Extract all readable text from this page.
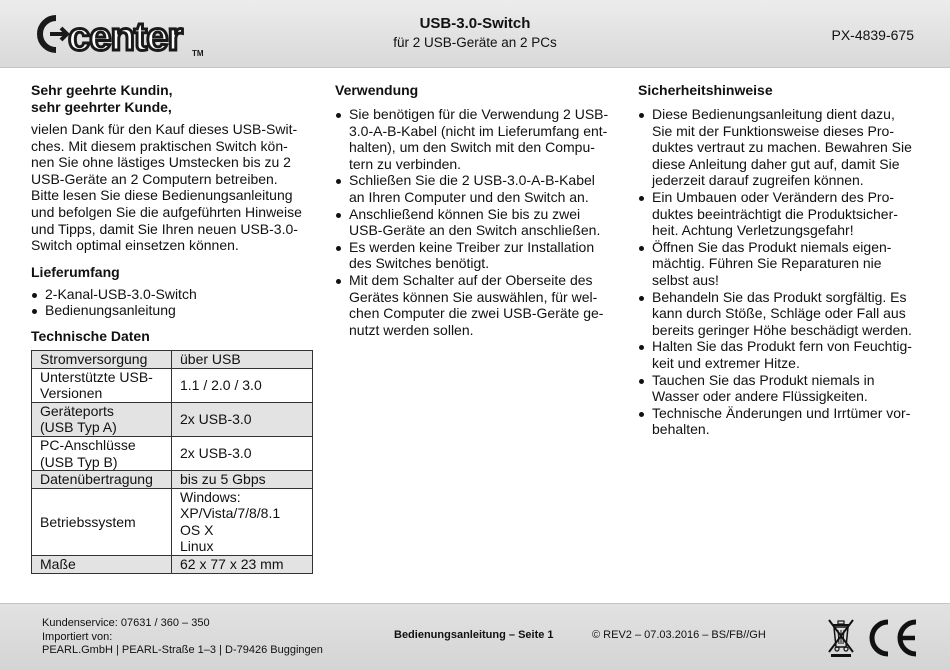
center TM
USB-3.0-Switch
für 2 USB-Geräte an 2 PCs	PX-4839-675
Sehr geehrte Kundin,
sehr geehrter Kunde,
vielen Dank für den Kauf dieses USB-Swit-
ches. Mit diesem praktischen Switch kön-
nen Sie ohne lästiges Umstecken bis zu 2
USB-Geräte an 2 Computern betreiben.
Bitte lesen Sie diese Bedienungsanleitung
und befolgen Sie die aufgeführten Hinweise
und Tipps, damit Sie Ihren neuen USB-3.0-
Switch optimal einsetzen können.
Lieferumfang
2-Kanal-USB-3.0-Switch
Bedienungsanleitung
Technische Daten
Stromversorgung	über USB

Unterstützte USB-
Versionen	1.1 / 2.0 / 3.0

Geräteports
(USB Typ A)	2x USB-3.0

PC-Anschlüsse
(USB Typ B)	2x USB-3.0

Datenübertragung	bis zu 5 Gbps

Betriebssystem	Windows:
XP/Vista/7/8/8.1
OS X
Linux

Maße	62 x 77 x 23 mm
Verwendung
Sie benötigen für die Verwendung 2 USB-
3.0-A-B-Kabel (nicht im Lieferumfang ent-
halten), um den Switch mit den Compu-
tern zu verbinden.
Schließen Sie die 2 USB-3.0-A-B-Kabel
an Ihren Computer und den Switch an.
Anschließend können Sie bis zu zwei
USB-Geräte an den Switch anschließen.
Es werden keine Treiber zur Installation
des Switches benötigt.
Mit dem Schalter auf der Oberseite des
Gerätes können Sie auswählen, für wel-
chen Computer die zwei USB-Geräte ge-
nutzt werden sollen.
Sicherheitshinweise
Diese Bedienungsanleitung dient dazu,
Sie mit der Funktionsweise dieses Pro-
duktes vertraut zu machen. Bewahren Sie
diese Anleitung daher gut auf, damit Sie
jederzeit darauf zugreifen können.
Ein Umbauen oder Verändern des Pro-
duktes beeinträchtigt die Produktsicher-
heit. Achtung Verletzungsgefahr!
Öffnen Sie das Produkt niemals eigen-
mächtig. Führen Sie Reparaturen nie
selbst aus!
Behandeln Sie das Produkt sorgfältig. Es
kann durch Stöße, Schläge oder Fall aus
bereits geringer Höhe beschädigt werden.
Halten Sie das Produkt fern von Feuchtig-
keit und extremer Hitze.
Tauchen Sie das Produkt niemals in
Wasser oder andere Flüssigkeiten.
Technische Änderungen und Irrtümer vor-
behalten.
Kundenservice: 07631 / 360 – 350
Importiert von:
PEARL.GmbH | PEARL-Straße 1–3 | D-79426 Buggingen
Bedienungsanleitung – Seite 1	© REV2 – 07.03.2016 – BS/FB//GH
